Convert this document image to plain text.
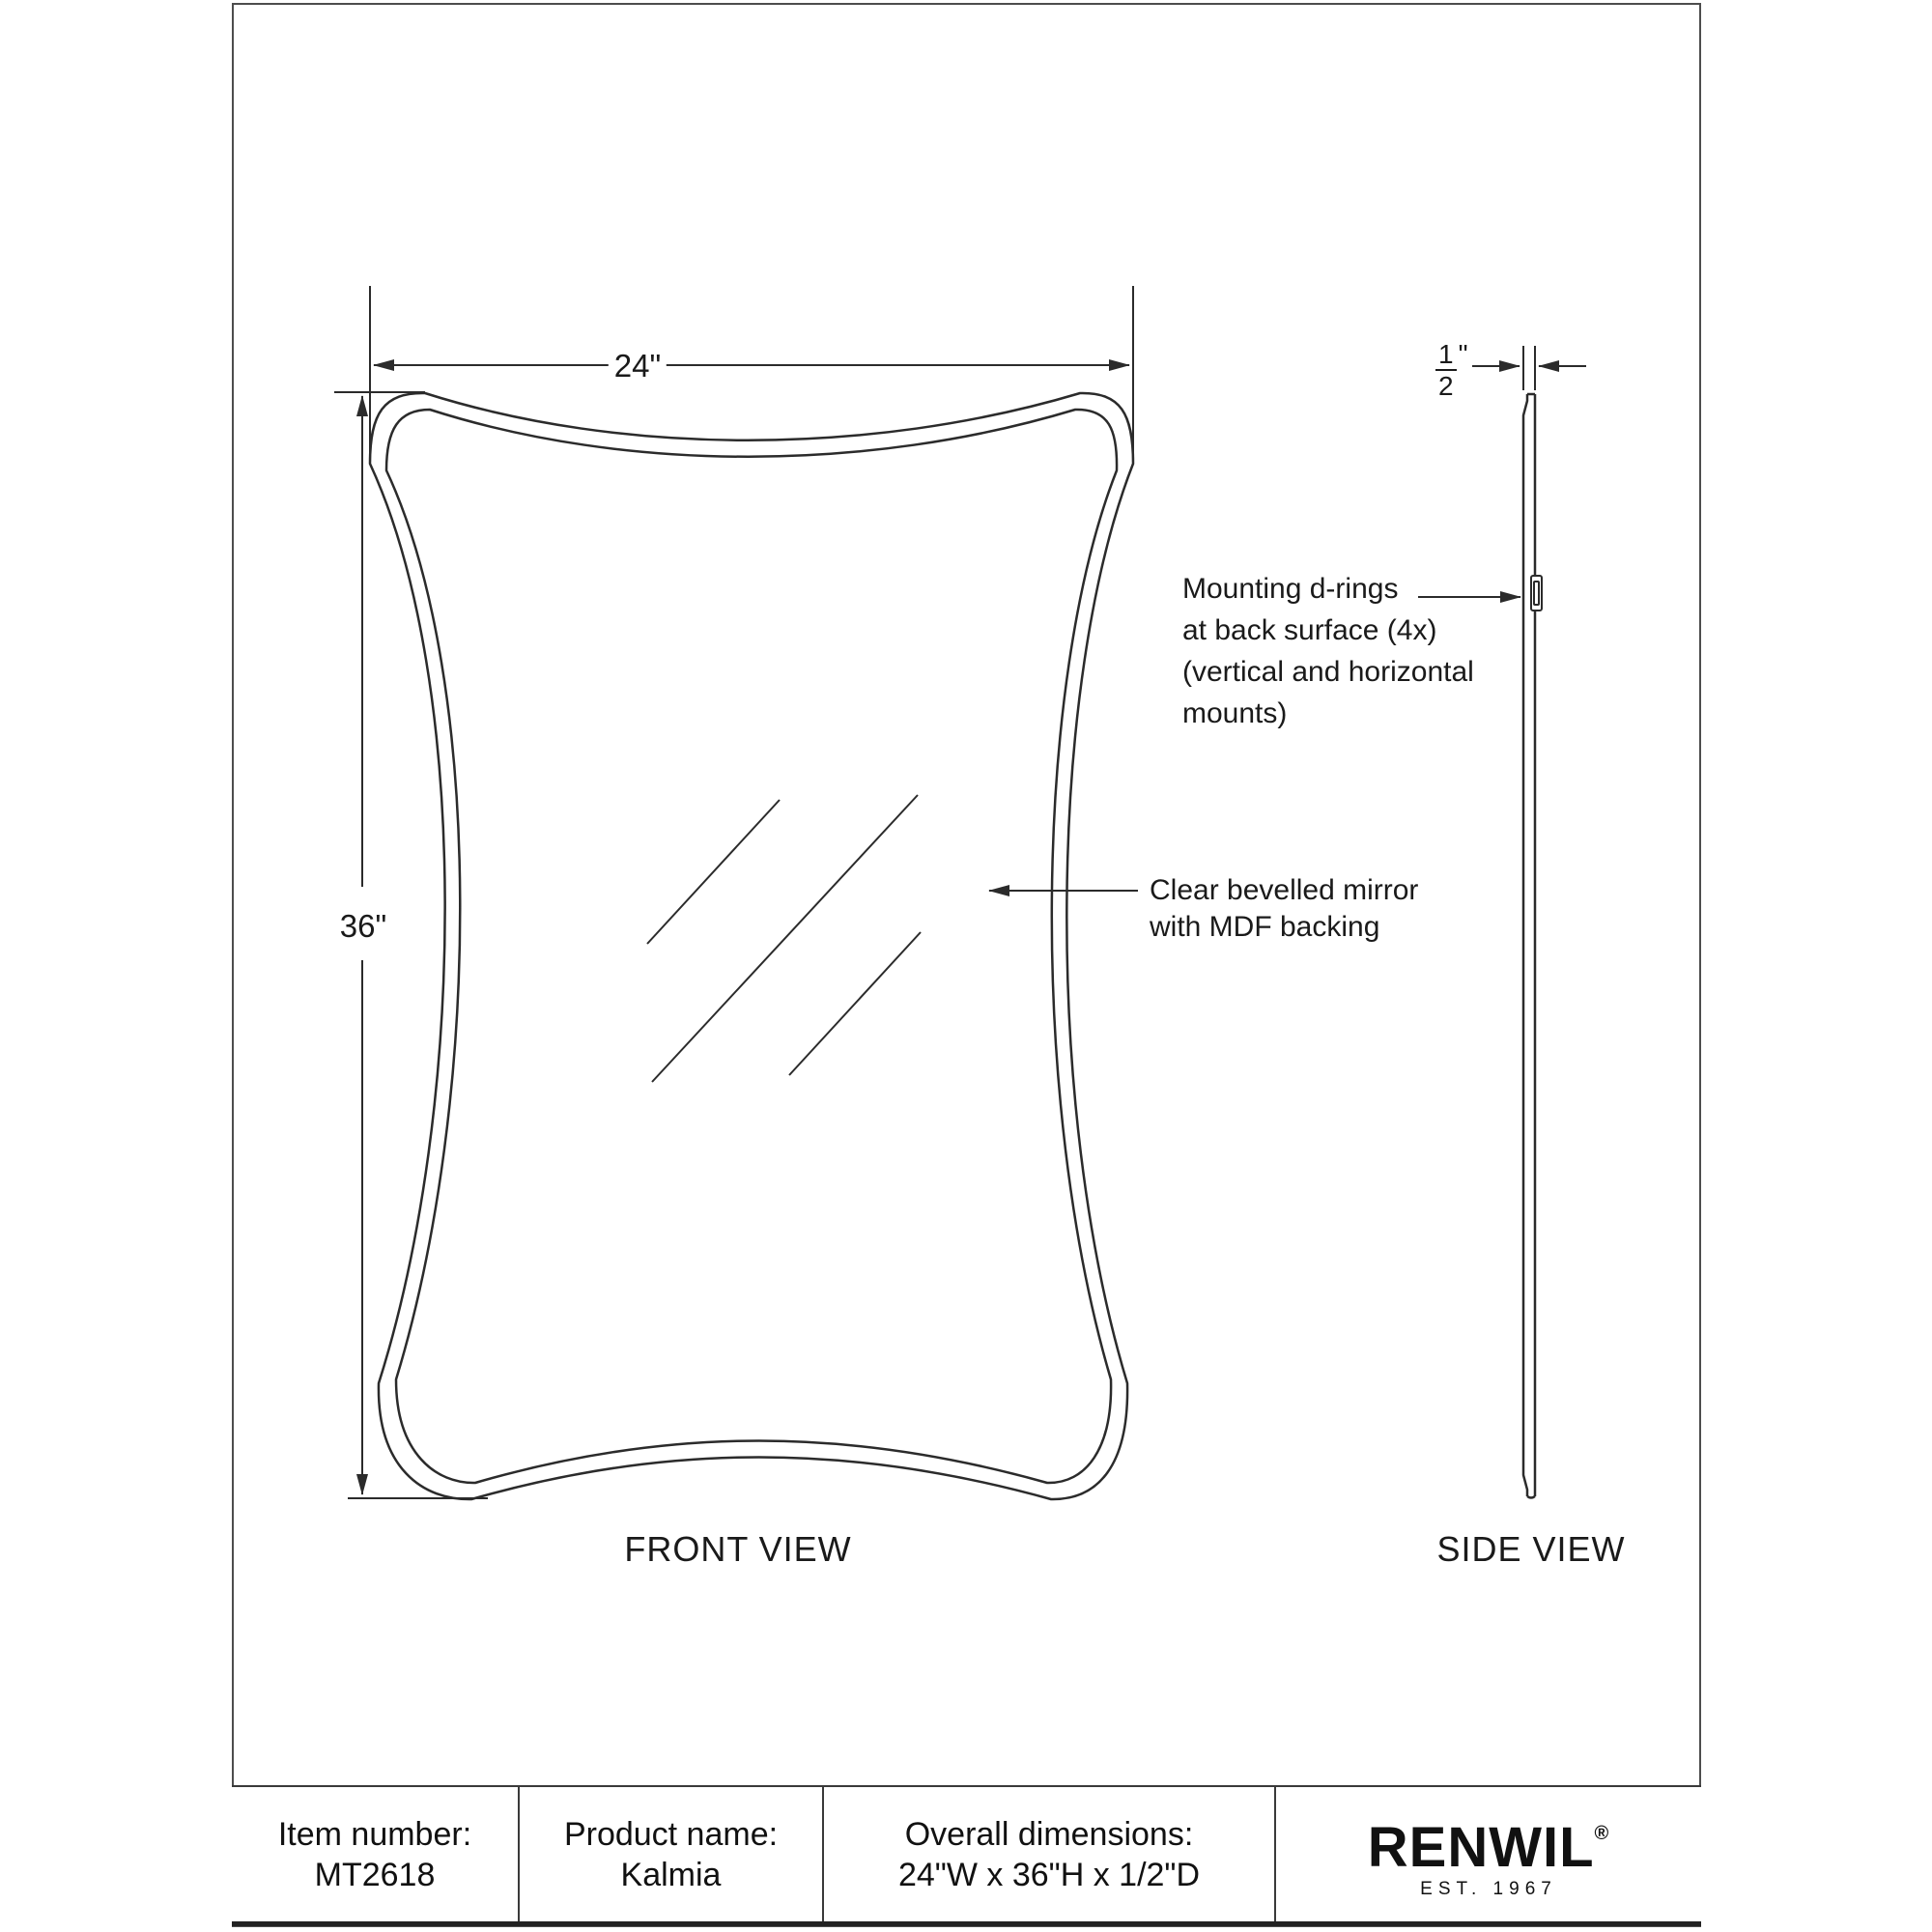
24"
36"
$\frac{1}{2}$ "
Mounting d-rings
at back surface (4x)
(vertical and horizontal
mounts)
Clear bevelled mirror
with MDF backing
FRONT VIEW	SIDE VIEW
Item number:
MT2618
Product name:
Kalmia
Overall dimensions:
24"W x 36"H x 1/2"D	RENWIL®
EST. 1967
